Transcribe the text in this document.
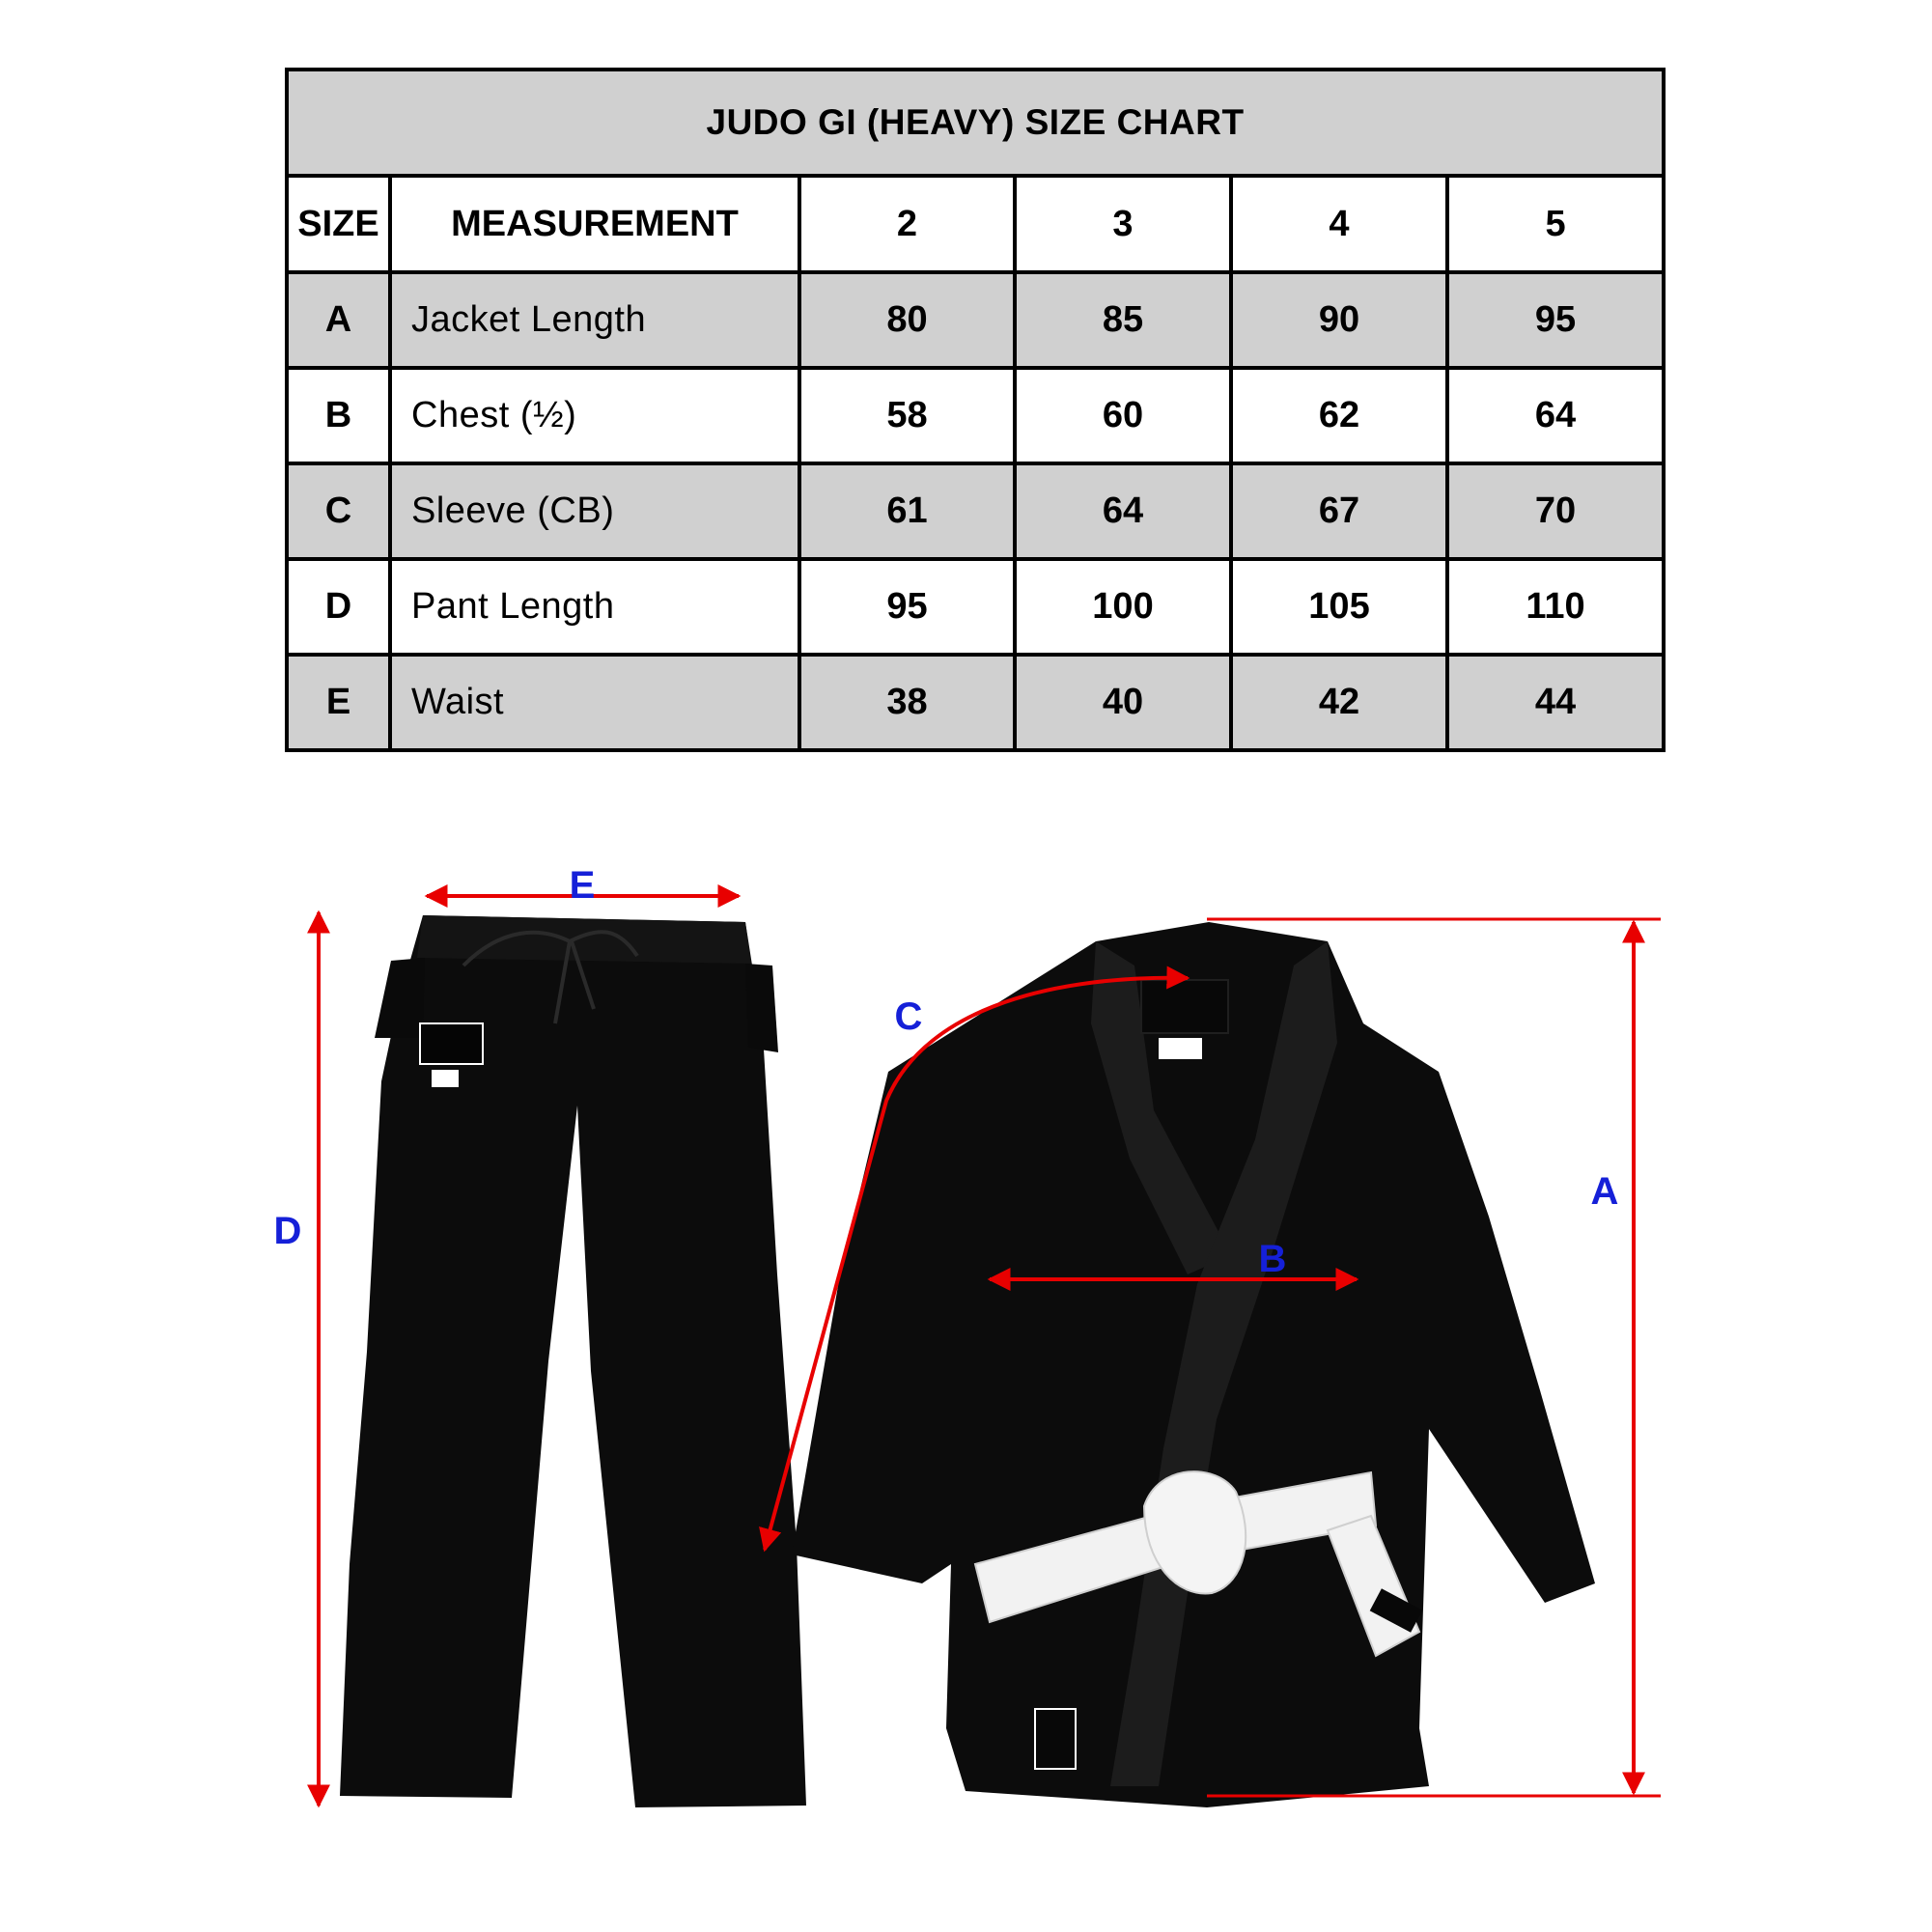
JUDO GI (HEAVY) SIZE CHART					
SIZE	MEASUREMENT	2	3	4	5
A	Jacket Length	80	85	90	95
B	Chest (½)	58	60	62	64
C	Sleeve (CB)	61	64	67	70
D	Pant Length	95	100	105	110
E	Waist	38	40	42	44
E
D
A
B
C
